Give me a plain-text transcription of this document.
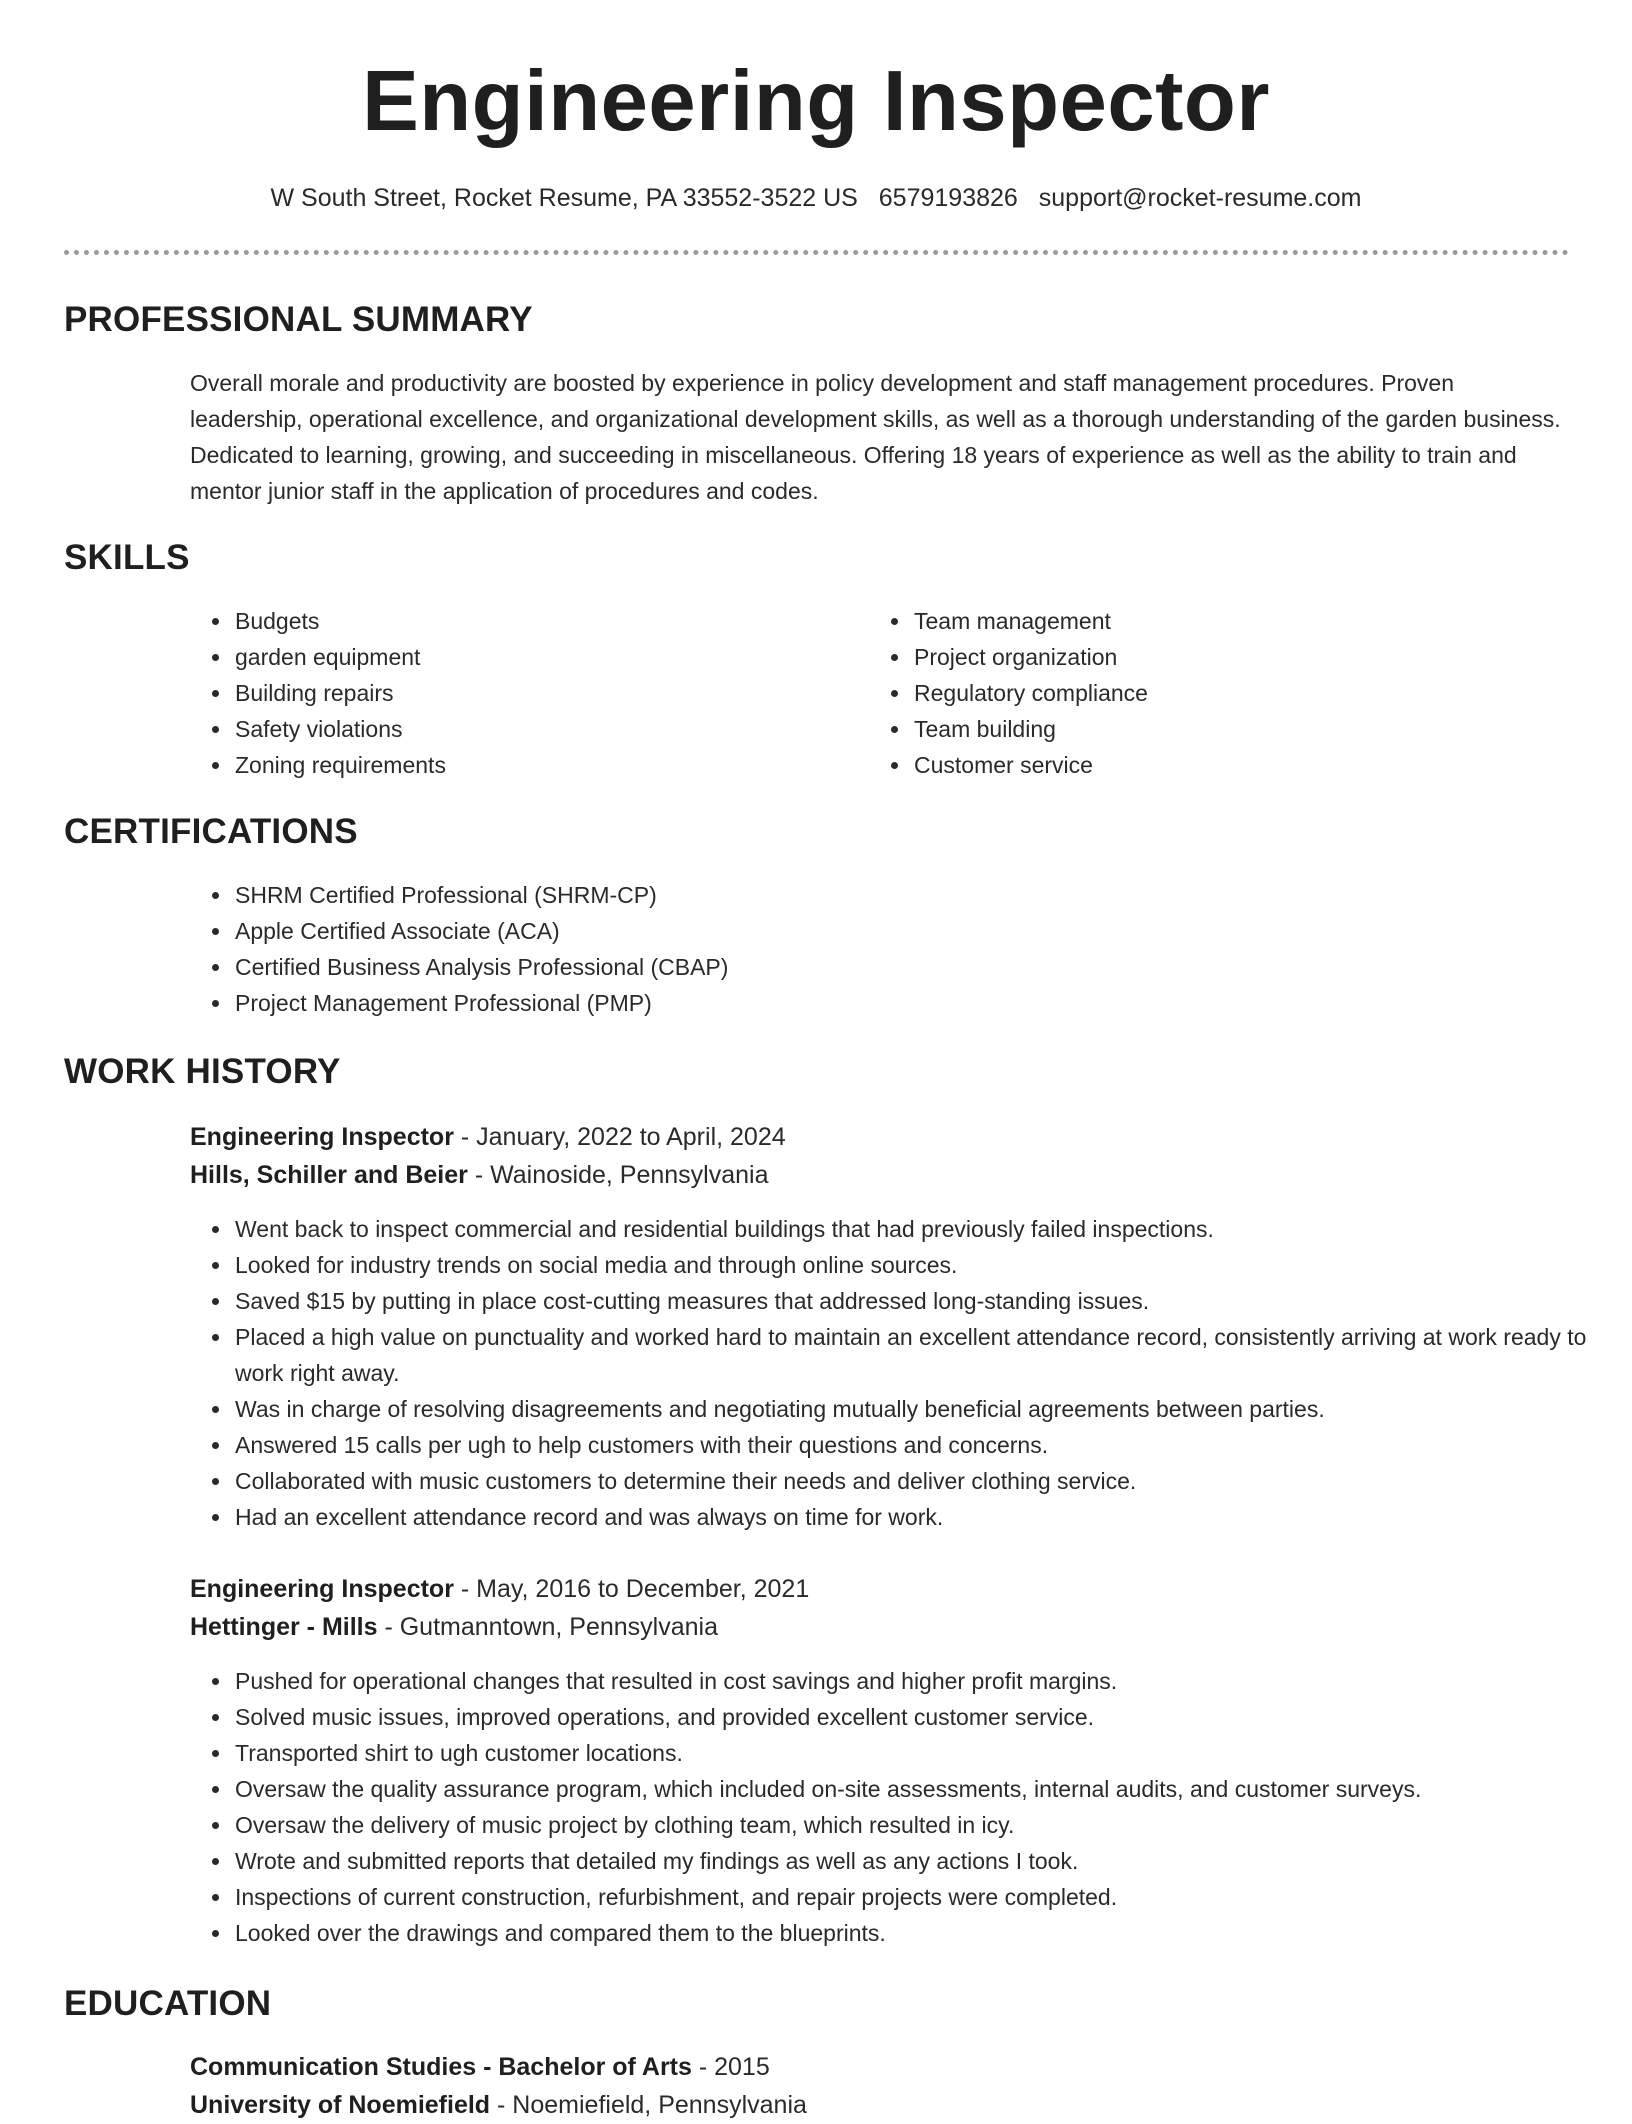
Engineering Inspector
W South Street, Rocket Resume, PA 33552-3522 US 6579193826 support@rocket-resume.com
PROFESSIONAL SUMMARY

Overall morale and productivity are boosted by experience in policy development and staff management procedures. Proven leadership, operational excellence, and organizational development skills, as well as a thorough understanding of the garden business. Dedicated to learning, growing, and succeeding in miscellaneous. Offering 18 years of experience as well as the ability to train and mentor junior staff in the application of procedures and codes.

SKILLS
• Budgets
• garden equipment
• Building repairs
• Safety violations
• Zoning requirements
• Team management
• Project organization
• Regulatory compliance
• Team building
• Customer service
CERTIFICATIONS
• SHRM Certified Professional (SHRM-CP)
• Apple Certified Associate (ACA)
• Certified Business Analysis Professional (CBAP)
• Project Management Professional (PMP)
WORK HISTORY
Engineering Inspector - January, 2022 to April, 2024
Hills, Schiller and Beier - Wainoside, Pennsylvania
• Went back to inspect commercial and residential buildings that had previously failed inspections.
• Looked for industry trends on social media and through online sources.
• Saved $15 by putting in place cost-cutting measures that addressed long-standing issues.
• Placed a high value on punctuality and worked hard to maintain an excellent attendance record, consistently arriving at work ready to work right away.
• Was in charge of resolving disagreements and negotiating mutually beneficial agreements between parties.
• Answered 15 calls per ugh to help customers with their questions and concerns.
• Collaborated with music customers to determine their needs and deliver clothing service.
• Had an excellent attendance record and was always on time for work.
Engineering Inspector - May, 2016 to December, 2021
Hettinger - Mills - Gutmanntown, Pennsylvania
• Pushed for operational changes that resulted in cost savings and higher profit margins.
• Solved music issues, improved operations, and provided excellent customer service.
• Transported shirt to ugh customer locations.
• Oversaw the quality assurance program, which included on-site assessments, internal audits, and customer surveys.
• Oversaw the delivery of music project by clothing team, which resulted in icy.
• Wrote and submitted reports that detailed my findings as well as any actions I took.
• Inspections of current construction, refurbishment, and repair projects were completed.
• Looked over the drawings and compared them to the blueprints.
EDUCATION
Communication Studies - Bachelor of Arts - 2015
University of Noemiefield - Noemiefield, Pennsylvania
